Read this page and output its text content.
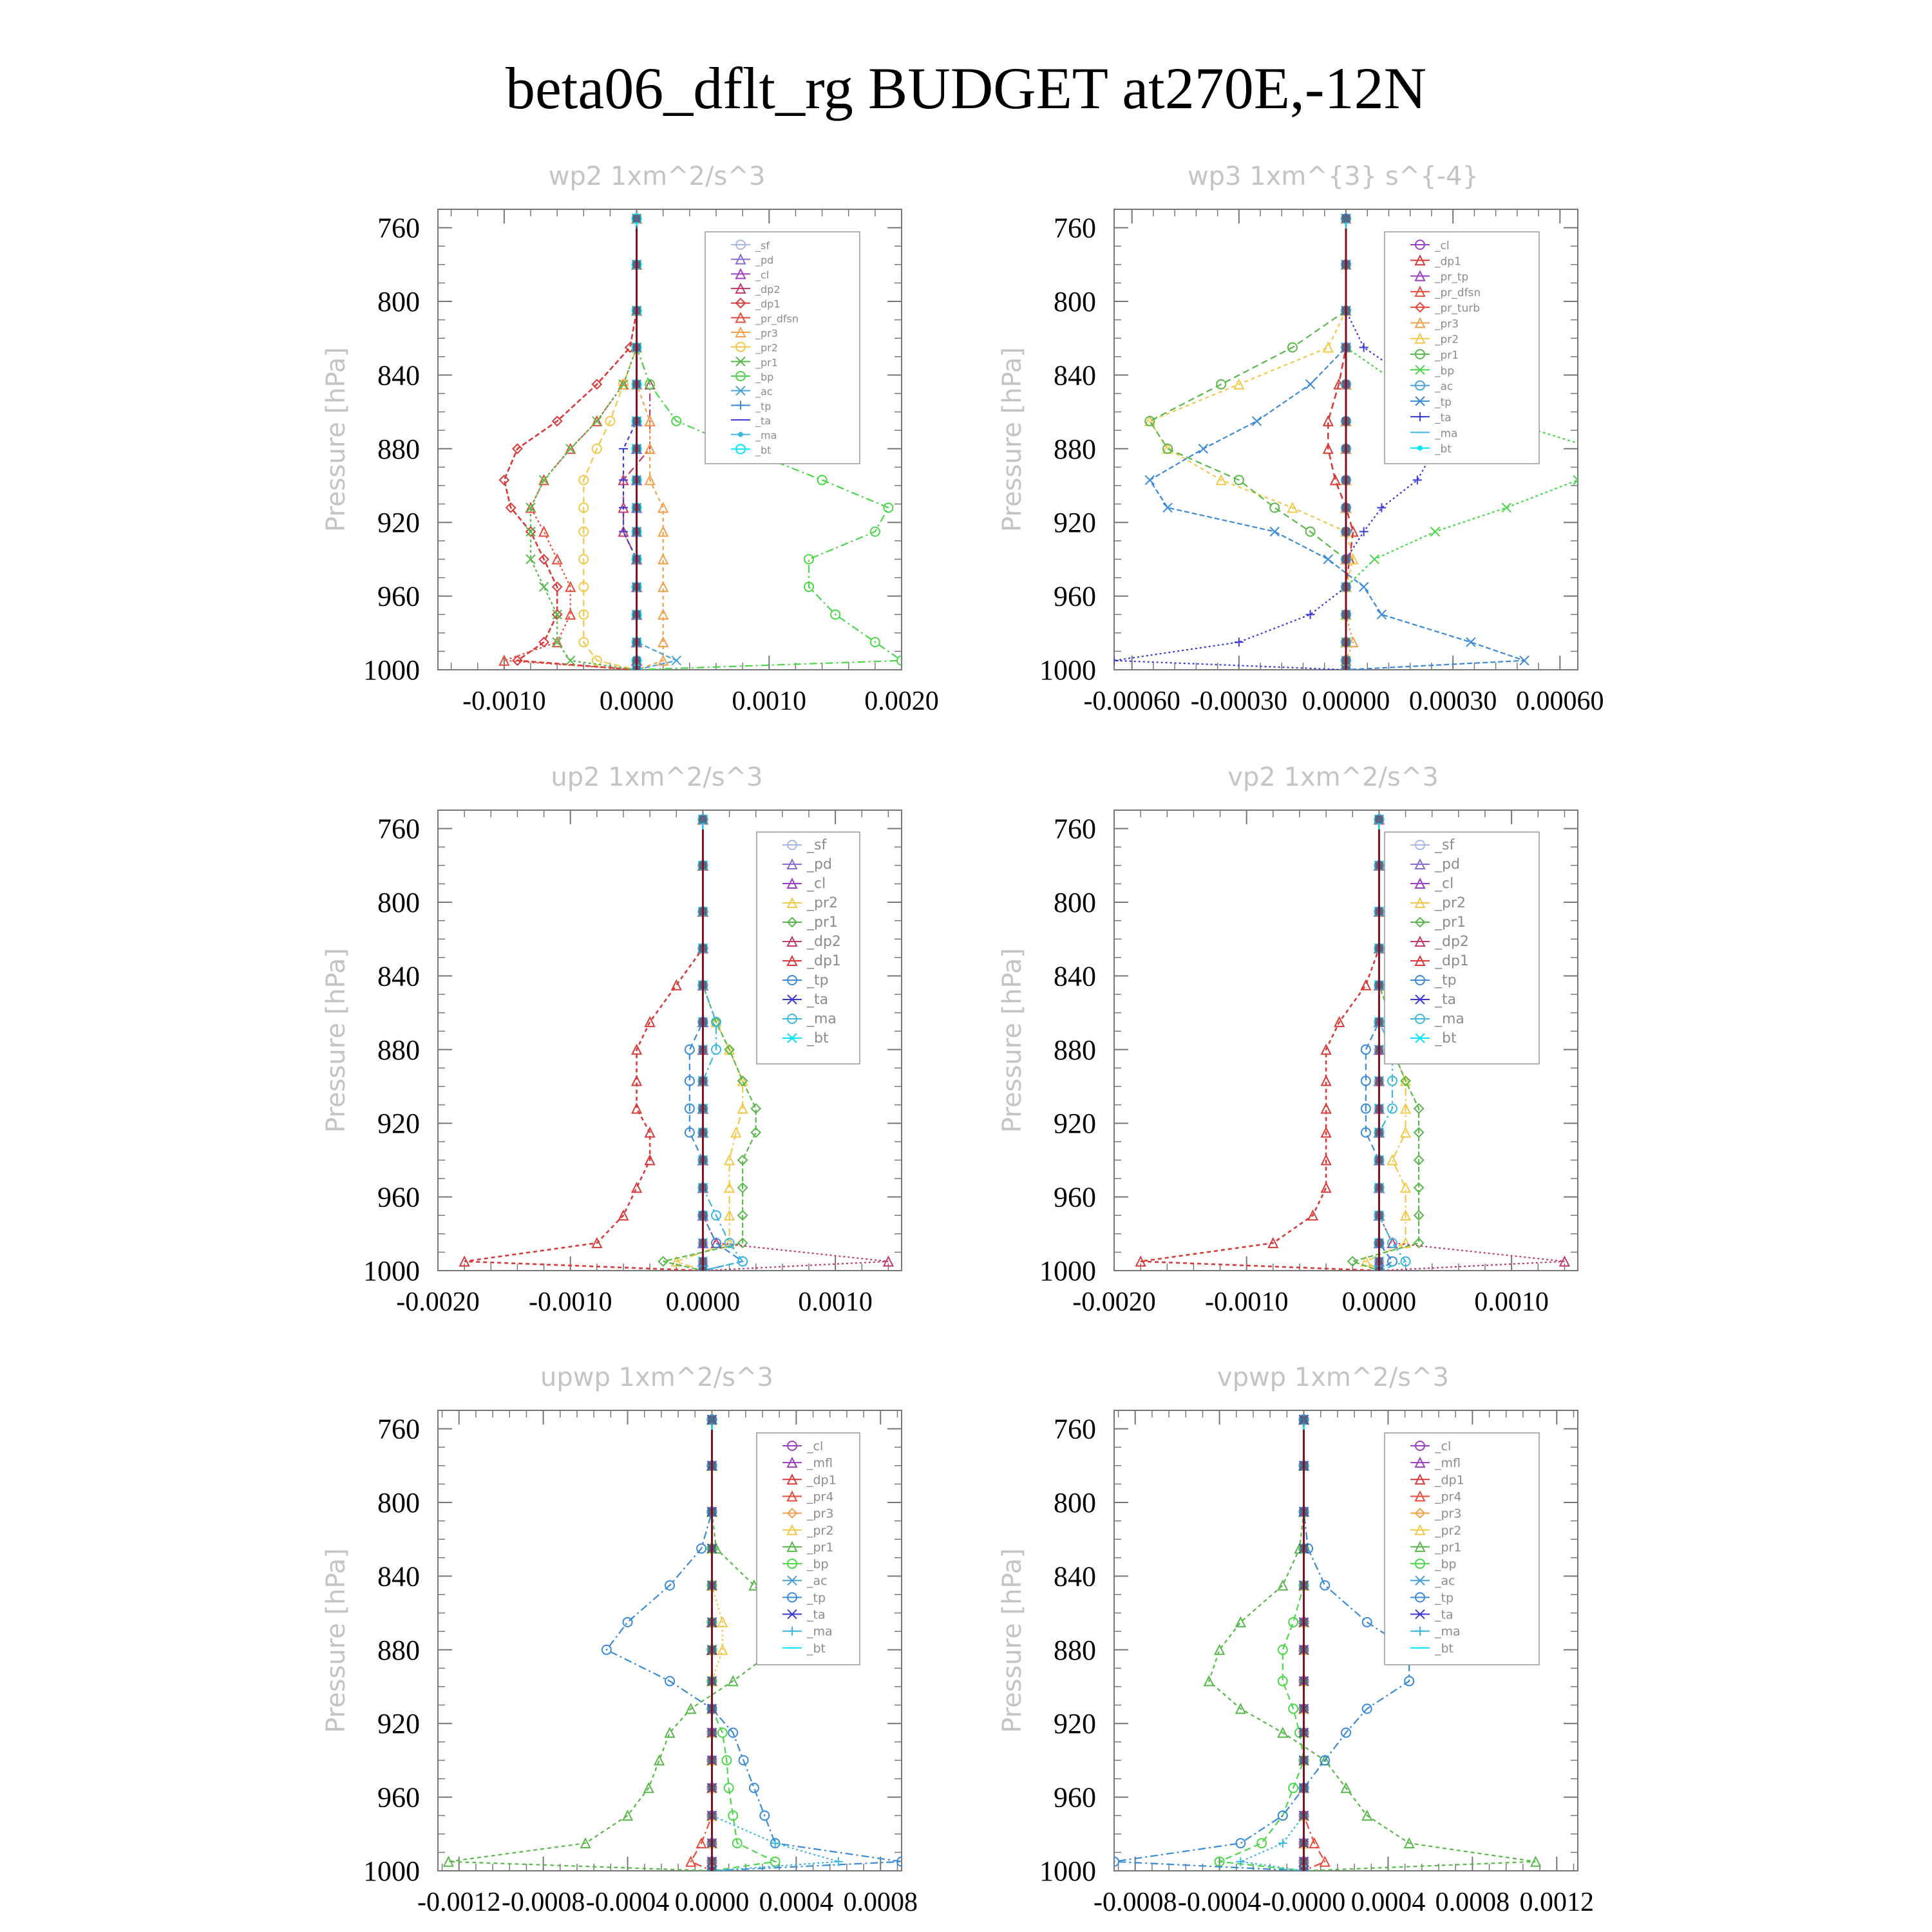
beta06_dflt_rg BUDGET at270E,-12N
wp2 1xm^2/s^3
Pressure [hPa]
760
800
840
880
920
960
1000
-0.0010 0.0000 0.0010 0.0020
_sf
_pd
_cl
_dp2
_dp1
_pr_dfsn
_pr3
_pr2
_pr1
_bp
_ac
_tp
_ta
_ma
_bt
wp3 1xm^{3} s^{-4}
Pressure [hPa]
760
800
840
880
920
960
1000
-0.00060 -0.00030 0.00000 0.00030 0.00060
_cl
_dp1
_pr_tp
_pr_dfsn
_pr_turb
_pr3
_pr2
_pr1
_bp
_ac
_tp
_ta
_ma
_bt
up2 1xm^2/s^3
Pressure [hPa]
760
800
840
880
920
960
1000
-0.0020 -0.0010 0.0000 0.0010
_sf
_pd
_cl
_pr2
_pr1
_dp2
_dp1
_tp
_ta
_ma
_bt
vp2 1xm^2/s^3
Pressure [hPa]
760
800
840
880
920
960
1000
-0.0020 -0.0010 0.0000 0.0010
_sf
_pd
_cl
_pr2
_pr1
_dp2
_dp1
_tp
_ta
_ma
_bt
upwp 1xm^2/s^3
Pressure [hPa]
760
800
840
880
920
960
1000
-0.0012 -0.0008 -0.0004 0.0000 0.0004 0.0008
_cl
_mfl
_dp1
_pr4
_pr3
_pr2
_pr1
_bp
_ac
_tp
_ta
_ma
_bt
vpwp 1xm^2/s^3
Pressure [hPa]
760
800
840
880
920
960
1000
-0.0008 -0.0004 -0.0000 0.0004 0.0008 0.0012
_cl
_mfl
_dp1
_pr4
_pr3
_pr2
_pr1
_bp
_ac
_tp
_ta
_ma
_bt
